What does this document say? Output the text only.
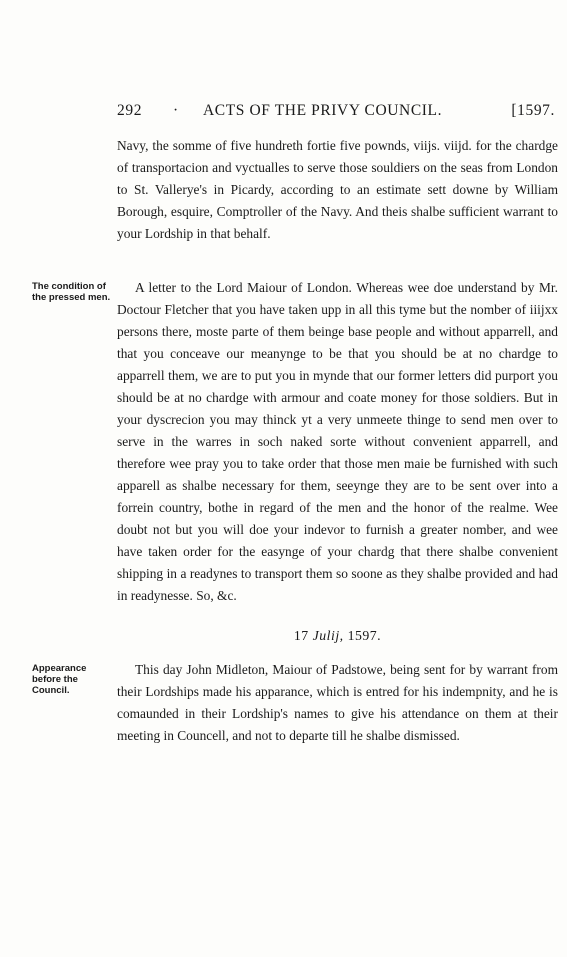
292 · ACTS OF THE PRIVY COUNCIL.	[1597.

Navy, the somme of five hundreth fortie five pownds, viijs. viijd. for the chardge of transportacion and vyctualles to serve those souldiers on the seas from London to St. Vallerye's in Picardy, according to an estimate sett downe by William Borough, esquire, Comptroller of the Navy. And theis shalbe sufficient warrant to your Lordship in that behalf.

The condition of the pressed men.

A letter to the Lord Maiour of London. Whereas wee doe understand by Mr. Doctour Fletcher that you have taken upp in all this tyme but the nomber of iiijxx persons there, moste parte of them beinge base people and without apparrell, and that you conceave our meanynge to be that you should be at no chardge to apparrell them, we are to put you in mynde that our former letters did purport you should be at no chardge with armour and coate money for those soldiers. But in your dyscrecion you may thinck yt a very unmeete thinge to send men over to serve in the warres in soch naked sorte without convenient apparrell, and therefore wee pray you to take order that those men maie be furnished with such apparell as shalbe necessary for them, seeynge they are to be sent over into a forrein country, bothe in regard of the men and the honor of the realme. Wee doubt not but you will doe your indevor to furnish a greater nomber, and wee have taken order for the easynge of your chardg that there shalbe convenient shipping in a readynes to transport them so soone as they shalbe provided and had in readynesse. So, &c.

17 Julij, 1597.
Appearance before the Council.

This day John Midleton, Maiour of Padstowe, being sent for by warrant from their Lordships made his apparance, which is entred for his indempnity, and he is comaunded in their Lordship's names to give his attendance on them at their meeting in Councell, and not to departe till he shalbe dismissed.
